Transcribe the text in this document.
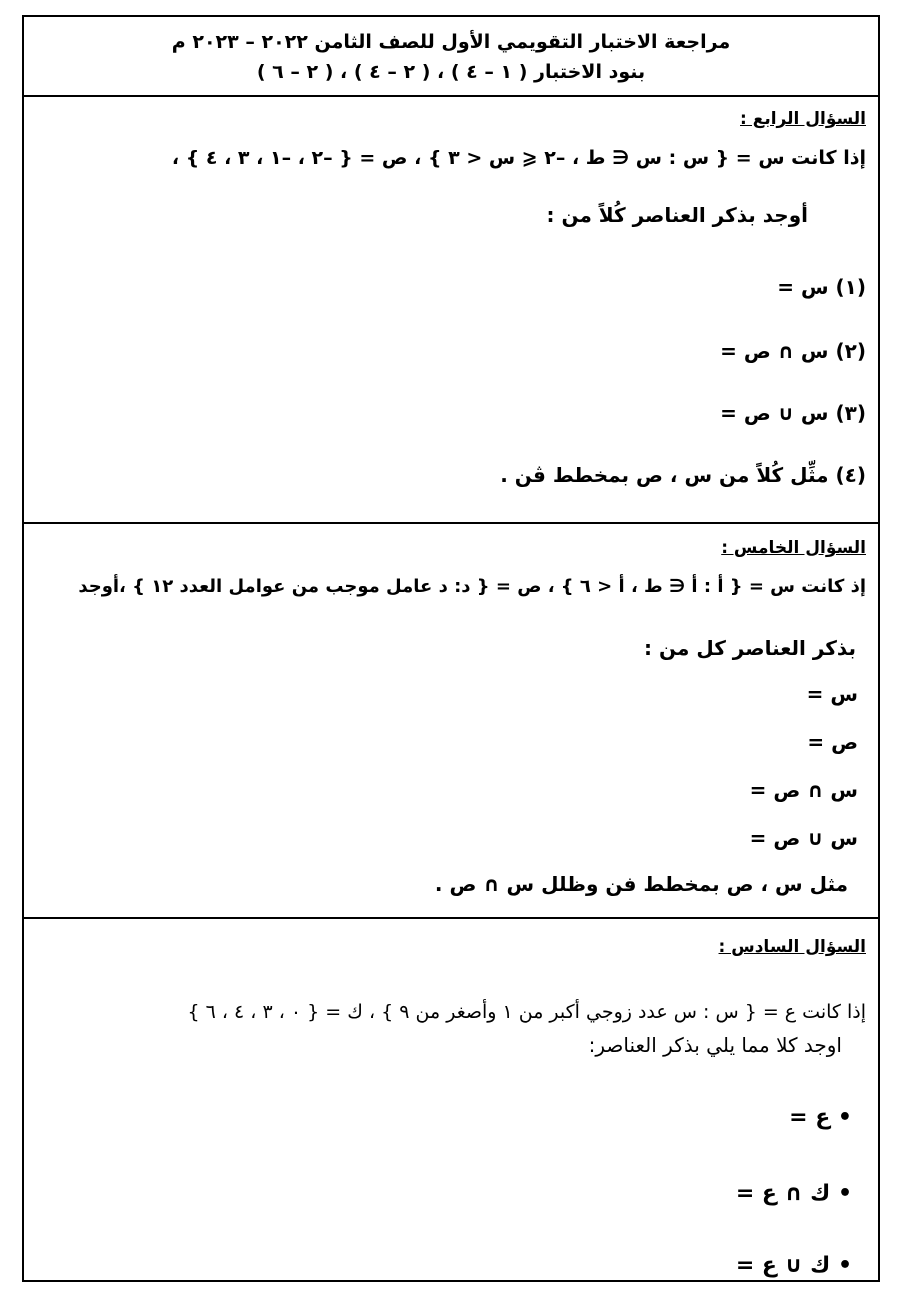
مراجعة الاختبار التقويمي الأول للصف الثامن ٢٠٢٢ – ٢٠٢٣ م
بنود الاختبار ( ١ – ٤ ) ، ( ٢ – ٤ ) ، ( ٢ – ٦ )
السؤال الرابع :
إذا كانت س = { س : س ∈ ط ، –٢ ⩽ س < ٣ } ، ص = { –٢ ، –١ ، ٣ ، ٤ } ،
أوجد بذكر العناصر كُلاً من :
(١) س =
(٢) س ∩ ص =
(٣) س ∪ ص =
(٤) مثِّل كُلاً من س ، ص بمخطط ڤن .
السؤال الخامس :
إذ كانت س = { أ : أ ∈ ط ، أ < ٦ } ، ص = { د: د عامل موجب من عوامل العدد ١٢ } ،أوجد
بذكر العناصر كل من :
س =
ص =
س ∩ ص =
س ∪ ص =
مثل س ، ص بمخطط فن وظلل س ∩ ص .
السؤال السادس :
إذا كانت ع = { س : س عدد زوجي أكبر من ١ وأصغر من ٩ } ، ك = { ٠ ، ٣ ، ٤ ، ٦ }
اوجد كلا مما يلي بذكر العناصر:
• ع =
• ك ∩ ع =
• ك ∪ ع =
